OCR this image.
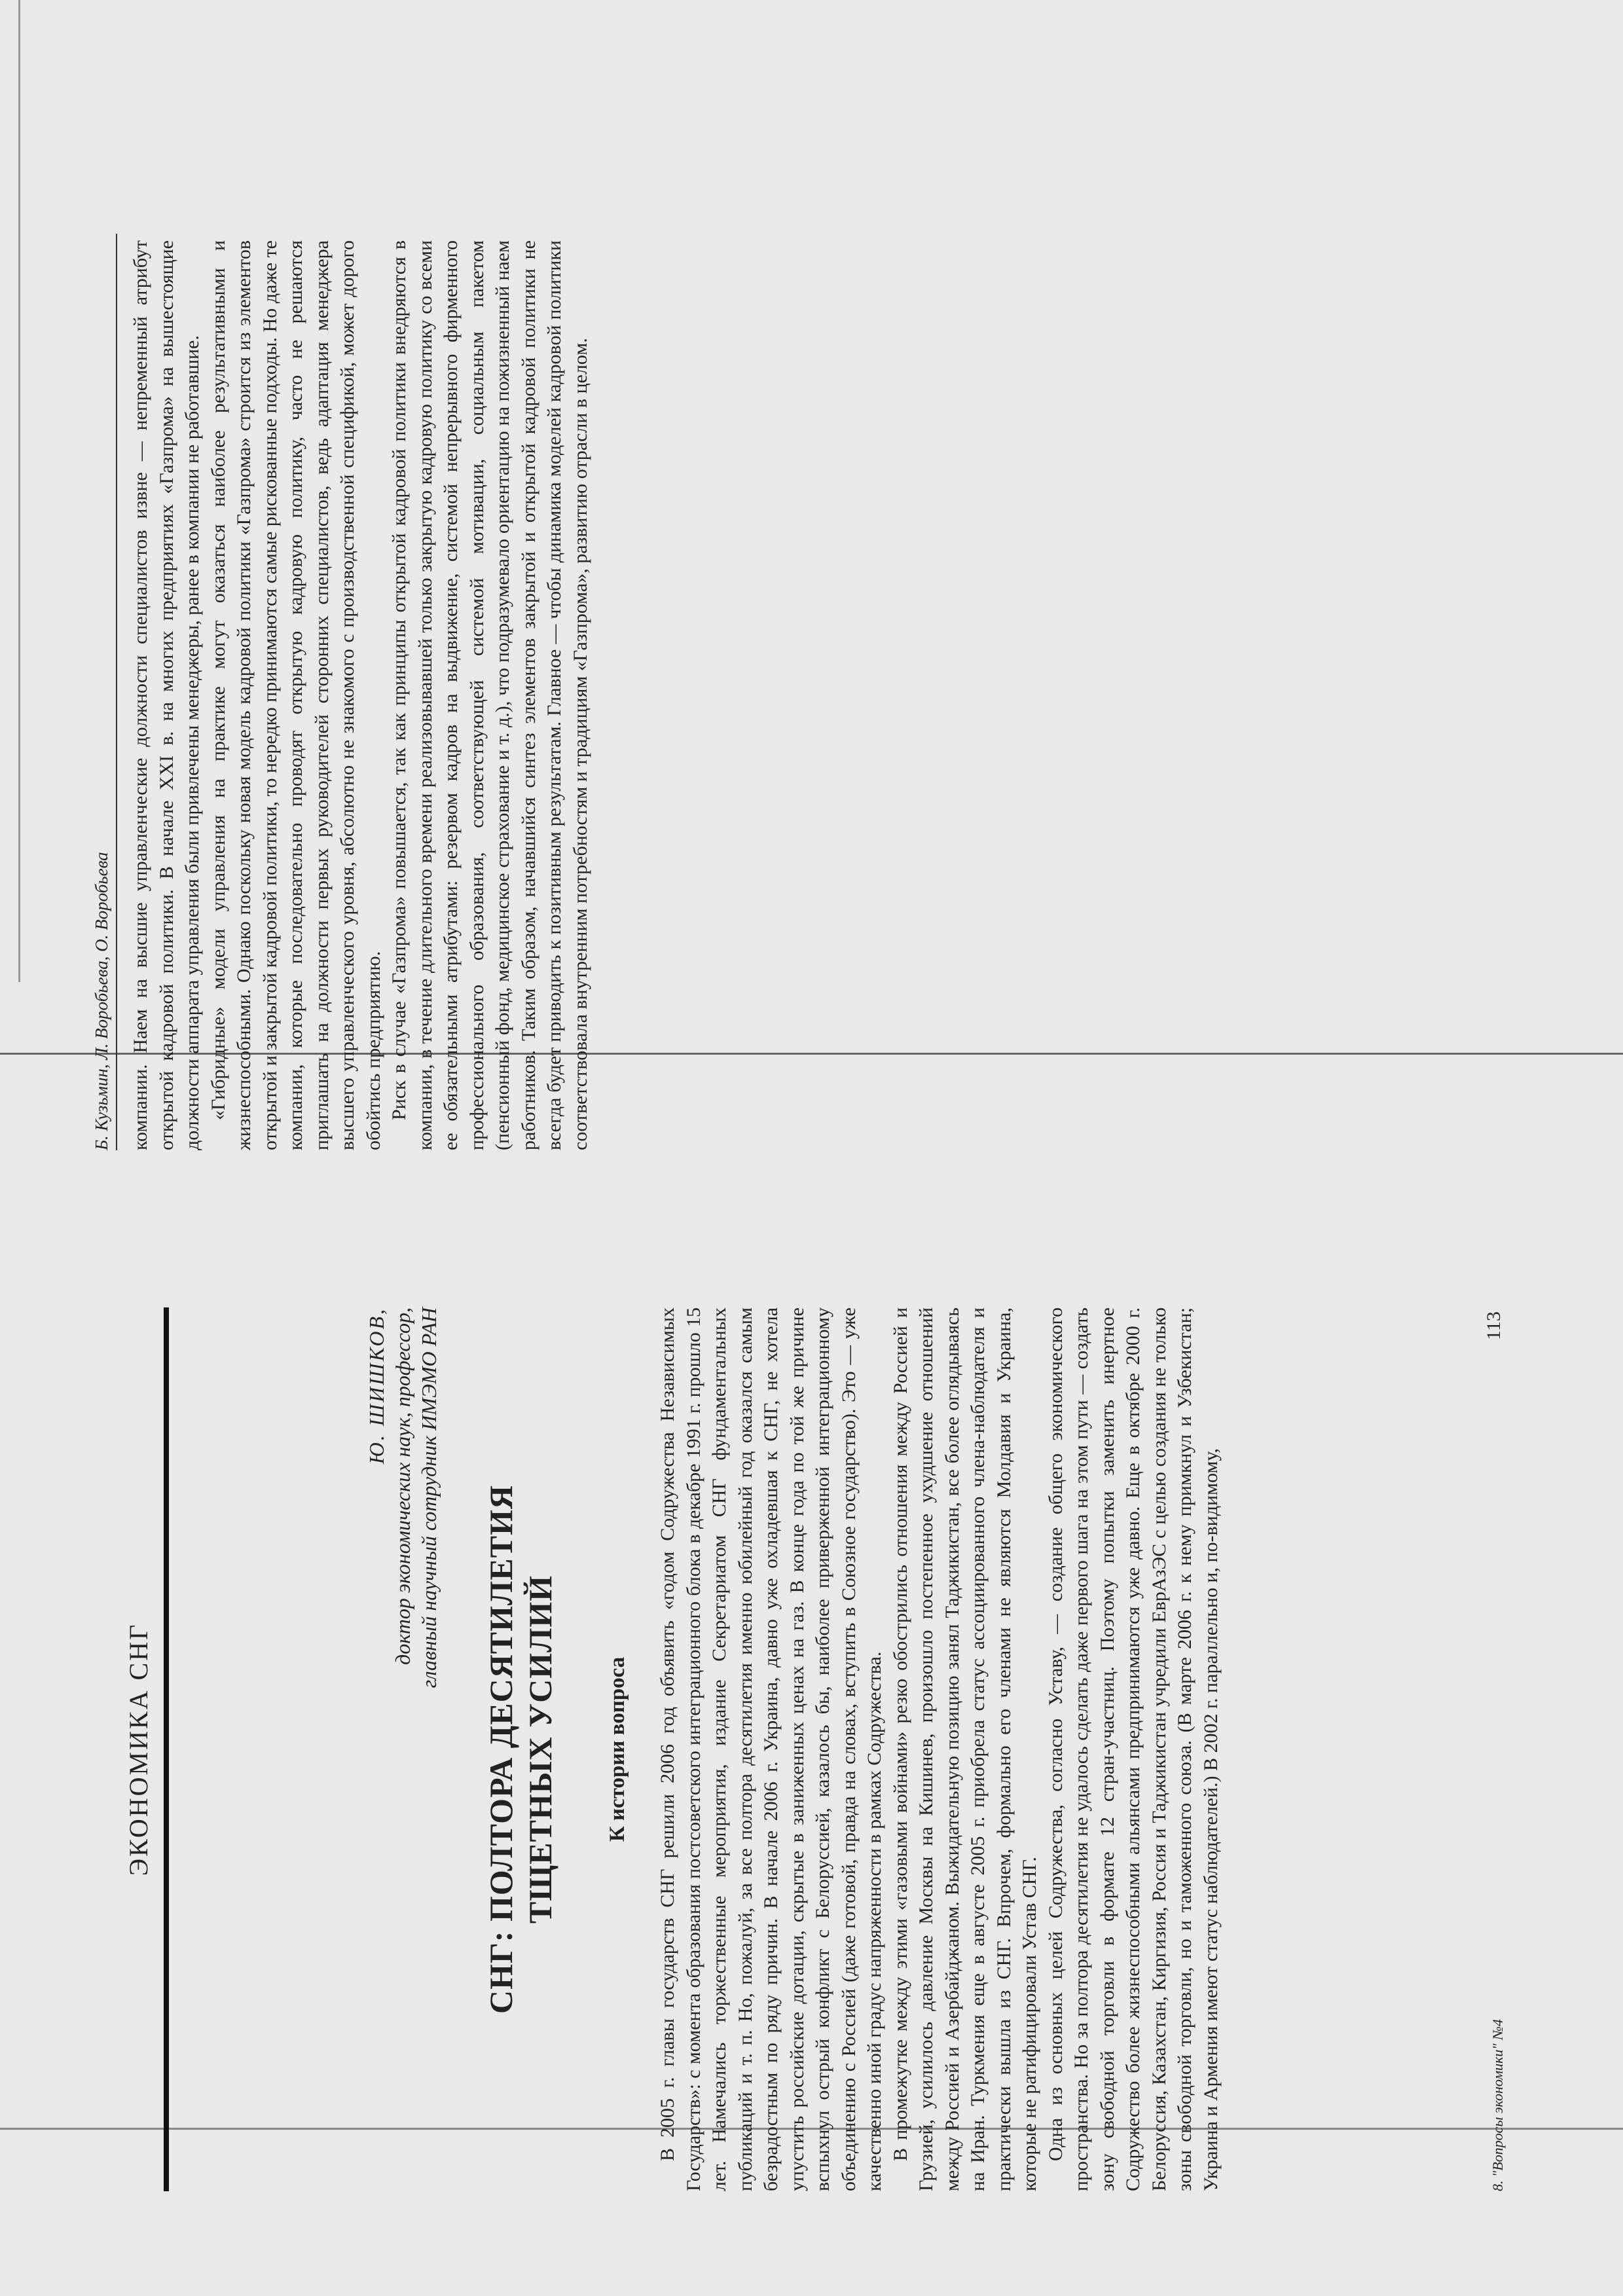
Б. Кузьмин, Л. Воробьева, О. Воробьева компании. Наем на высшие управленческие должности специалистов извне — непременный атрибут открытой кадровой политики. В начале XXI в. на многих предприятиях «Газпрома» на вышестоящие должности аппарата управления были привлечены менеджеры, ранее в компании не работавшие. «Гибридные» модели управления на практике могут оказаться наиболее результативными и жизнеспособными. Однако поскольку новая модель кадровой политики «Газпрома» строится из элементов открытой и закрытой кадровой политики, то нередко принимаются самые рискованные подходы. Но даже те компании, которые последовательно проводят открытую кадровую политику, часто не решаются приглашать на должности первых руководителей сторонних специалистов, ведь адаптация менеджера высшего управленческого уровня, абсолютно не знакомого с производственной спецификой, может дорого обойтись предприятию. Риск в случае «Газпрома» повышается, так как принципы открытой кадровой политики внедряются в компании, в течение длительного времени реализовывавшей только закрытую кадровую политику со всеми ее обязательными атрибутами: резервом кадров на выдвижение, системой непрерывного фирменного профессионального образования, соответствующей системой мотивации, социальным пакетом (пенсионный фонд, медицинское страхование и т. д.), что подразумевало ориентацию на пожизненный наем работников. Таким образом, начавшийся синтез элементов закрытой и открытой кадровой политики не всегда будет приводить к позитивным результатам. Главное — чтобы динамика моделей кадровой политики соответствовала внутренним потребностям и традициям «Газпрома», развитию отрасли в целом.

ЭКОНОМИКА СНГ
Ю. ШИШКОВ, доктор экономических наук, профессор, главный научный сотрудник ИМЭМО РАН СНГ: ПОЛТОРА ДЕСЯТИЛЕТИЯ ТЩЕТНЫХ УСИЛИЙ К истории вопроса В 2005 г. главы государств СНГ решили 2006 год объявить «годом Содружества Независимых Государств»: с момента образования постсоветского интеграционного блока в декабре 1991 г. прошло 15 лет. Намечались торжественные мероприятия, издание Секретариатом СНГ фундаментальных публикаций и т. п. Но, пожалуй, за все полтора десятилетия именно юбилейный год оказался самым безрадостным по ряду причин. В начале 2006 г. Украина, давно уже охладевшая к СНГ, не хотела упустить российские дотации, скрытые в заниженных ценах на газ. В конце года по той же причине вспыхнул острый конфликт с Белоруссией, казалось бы, наиболее приверженной интеграционному объединению с Россией (даже готовой, правда на словах, вступить в Союзное государство). Это — уже качественно иной градус напряженности в рамках Содружества. В промежутке между этими «газовыми войнами» резко обострились отношения между Россией и Грузией, усилилось давление Москвы на Кишинев, произошло постепенное ухудшение отношений между Россией и Азербайджаном. Выжидательную позицию занял Таджикистан, все более оглядываясь на Иран. Туркмения еще в августе 2005 г. приобрела статус ассоциированного члена-наблюдателя и практически вышла из СНГ. Впрочем, формально его членами не являются Молдавия и Украина, которые не ратифицировали Устав СНГ. Одна из основных целей Содружества, согласно Уставу, — создание общего экономического пространства. Но за полтора десятилетия не удалось сделать даже первого шага на этом пути — создать зону свободной торговли в формате 12 стран-участниц. Поэтому попытки заменить инертное Содружество более жизнеспособными альянсами предпринимаются уже давно. Еще в октябре 2000 г. Белоруссия, Казахстан, Киргизия, Россия и Таджикистан учредили ЕврАзЭС с целью создания не только зоны свободной торговли, но и таможенного союза. (В марте 2006 г. к нему примкнул и Узбекистан; Украина и Армения имеют статус наблюдателей.) В 2002 г. параллельно и, по-видимому,	8. "Вопросы экономики" №4
113
